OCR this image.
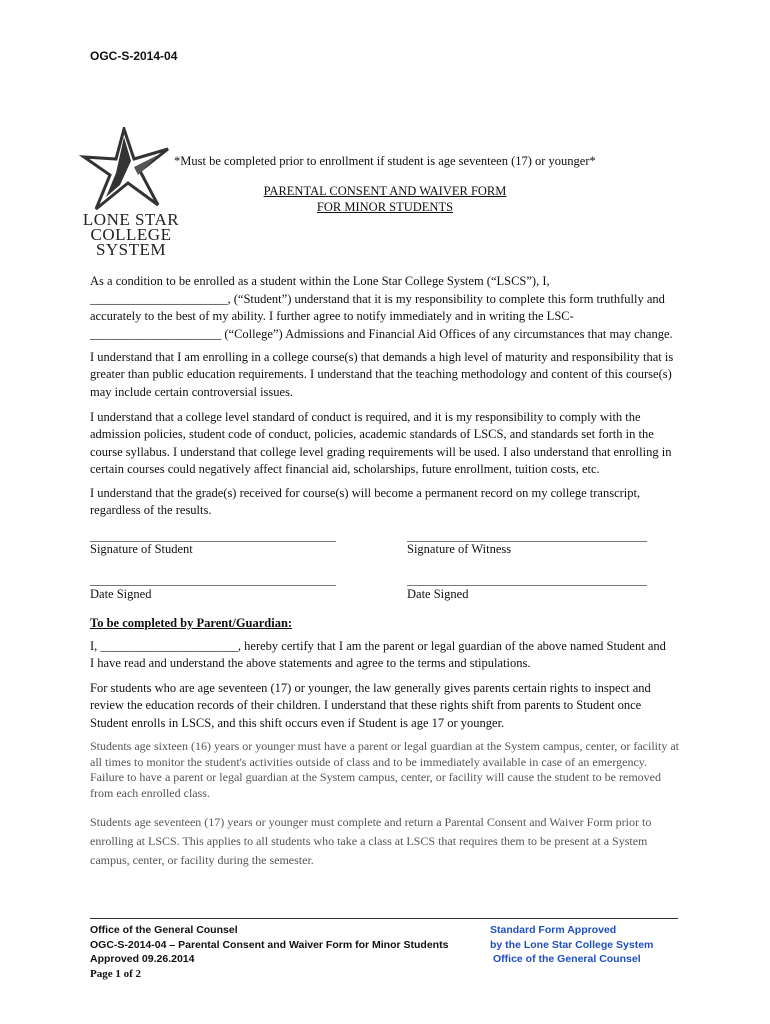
OGC-S-2014-04
LONE STAR
COLLEGE
SYSTEM
*Must be completed prior to enrollment if student is age seventeen (17) or younger*
PARENTAL CONSENT AND WAIVER FORM
FOR MINOR STUDENTS
As a condition to be enrolled as a student within the Lone Star College System (“LSCS”), I,
______________________, (“Student”) understand that it is my responsibility to complete this form truthfully and
accurately to the best of my ability. I further agree to notify immediately and in writing the LSC-
_____________________ (“College”) Admissions and Financial Aid Offices of any circumstances that may change.

I understand that I am enrolling in a college course(s) that demands a high level of maturity and responsibility that is greater than public education requirements. I understand that the teaching methodology and content of this course(s) may include certain controversial issues.

I understand that a college level standard of conduct is required, and it is my responsibility to comply with the admission policies, student code of conduct, policies, academic standards of LSCS, and standards set forth in the course syllabus. I understand that college level grading requirements will be used. I also understand that enrolling in certain courses could negatively affect financial aid, scholarships, future enrollment, tuition costs, etc.

I understand that the grade(s) received for course(s) will become a permanent record on my college transcript, regardless of the results.

Signature of Student	Signature of Witness
Date Signed	Date Signed
To be completed by Parent/Guardian:
I, ______________________, hereby certify that I am the parent or legal guardian of the above named Student and
I have read and understand the above statements and agree to the terms and stipulations.

For students who are age seventeen (17) or younger, the law generally gives parents certain rights to inspect and review the education records of their children. I understand that these rights shift from parents to Student once Student enrolls in LSCS, and this shift occurs even if Student is age 17 or younger.

Students age sixteen (16) years or younger must have a parent or legal guardian at the System campus, center, or facility at all times to monitor the student's activities outside of class and to be immediately available in case of an emergency. Failure to have a parent or legal guardian at the System campus, center, or facility will cause the student to be removed from each enrolled class.

Students age seventeen (17) years or younger must complete and return a Parental Consent and Waiver Form prior to enrolling at LSCS. This applies to all students who take a class at LSCS that requires them to be present at a System campus, center, or facility during the semester.

Office of the General Counsel
OGC-S-2014-04 – Parental Consent and Waiver Form for Minor Students
Approved 09.26.2014
Page 1 of 2
Standard Form Approved
by the Lone Star College System
Office of the General Counsel
